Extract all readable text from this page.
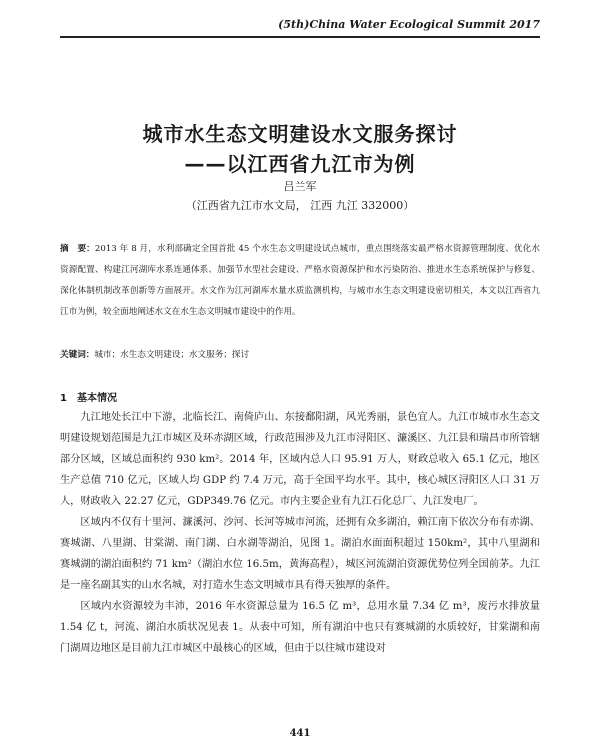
(5th)China Water Ecological Summit 2017
城市水生态文明建设水文服务探讨
——以江西省九江市为例
吕兰军
（江西省九江市水文局， 江西 九江 332000）
摘　要：2013 年 8 月，水利部确定全国首批 45 个水生态文明建设试点城市，重点围绕落实最严格水资源管理制度、优化水资源配置、构建江河湖库水系连通体系、加强节水型社会建设、严格水资源保护和水污染防治、推进水生态系统保护与修复、深化体制机制改革创新等方面展开。水文作为江河湖库水量水质监测机构，与城市水生态文明建设密切相关，本文以江西省九江市为例，较全面地阐述水文在水生态文明城市建设中的作用。
关键词：城市；水生态文明建设；水文服务；探讨
1　基本情况

九江地处长江中下游，北临长江、南倚庐山、东接鄱阳湖，风光秀丽，景色宜人。九江市城市水生态文明建设规划范围是九江市城区及环赤湖区域，行政范围涉及九江市浔阳区、濂溪区、九江县和瑞昌市所管辖部分区域，区域总面积约 930 km²。2014 年，区域内总人口 95.91 万人，财政总收入 65.1 亿元，地区生产总值 710 亿元，区域人均 GDP 约 7.4 万元，高于全国平均水平。其中，核心城区浔阳区人口 31 万人，财政收入 22.27 亿元，GDP349.76 亿元。市内主要企业有九江石化总厂、九江发电厂。

区域内不仅有十里河、濂溪河、沙河、长河等城市河流，还拥有众多湖泊，赖江南下依次分布有赤湖、赛城湖、八里湖、甘棠湖、南门湖、白水湖等湖泊，见图 1。湖泊水面面积超过 150km²，其中八里湖和赛城湖的湖泊面积约 71 km²（湖泊水位 16.5m，黄海高程），城区河流湖泊资源优势位列全国前茅。九江是一座名副其实的山水名城，对打造水生态文明城市具有得天独厚的条件。

区域内水资源较为丰沛，2016 年水资源总量为 16.5 亿 m³，总用水量 7.34 亿 m³，废污水排放量 1.54 亿 t，河流、湖泊水质状况见表 1。从表中可知，所有湖泊中也只有赛城湖的水质较好，甘棠湖和南门湖周边地区是目前九江市城区中最核心的区域，但由于以往城市建设对

441
